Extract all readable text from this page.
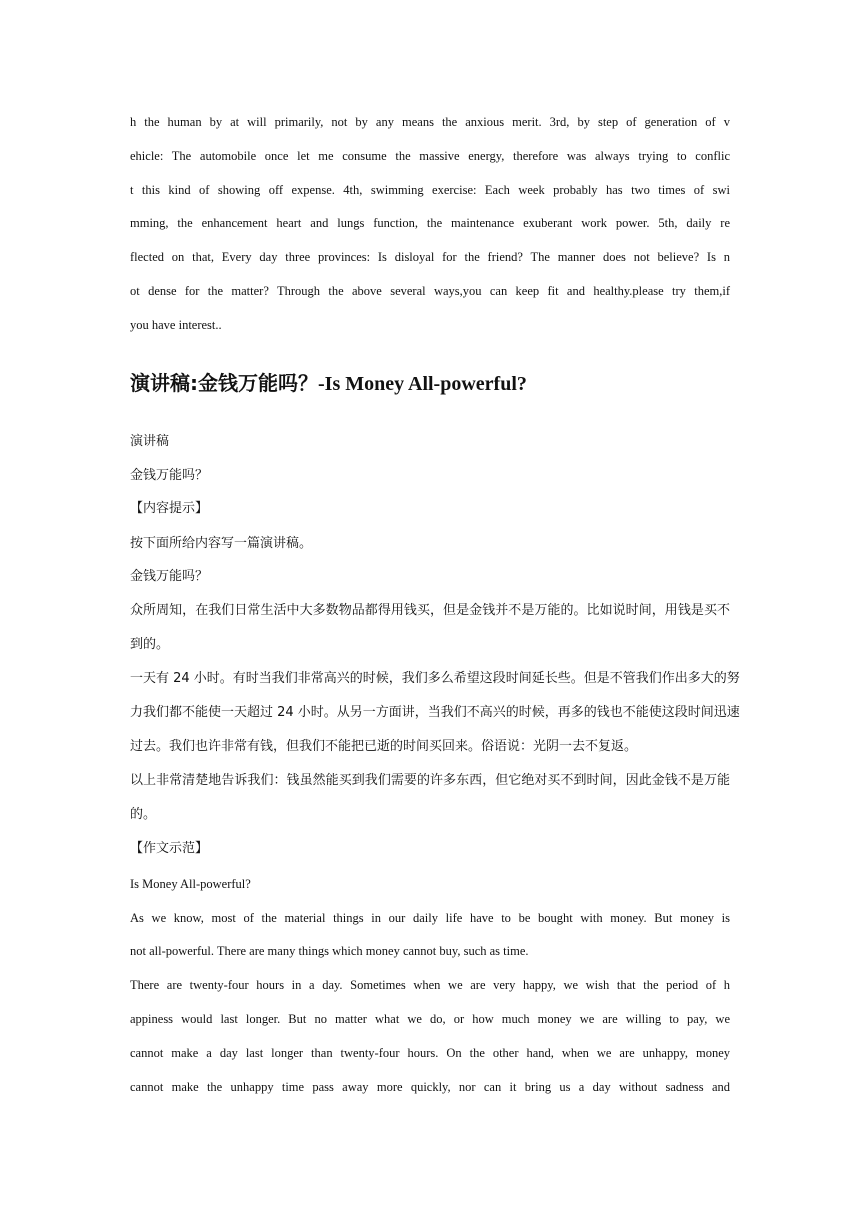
h the human by at will primarily, not by any means the anxious merit. 3rd, by step of generation of v
ehicle: The automobile once let me consume the massive energy, therefore was always trying to conflic
t this kind of showing off expense. 4th, swimming exercise: Each week probably has two times of swi
mming, the enhancement heart and lungs function, the maintenance exuberant work power. 5th, daily re
flected on that, Every day three provinces: Is disloyal for the friend? The manner does not believe? Is n
ot dense for the matter? Through the above several ways,you can keep fit and healthy.please try them,if
you have interest..
演讲稿:金钱万能吗？-Is Money All-powerful?
演讲稿
金钱万能吗？
【内容提示】
按下面所给内容写一篇演讲稿。
金钱万能吗？
众所周知，在我们日常生活中大多数物品都得用钱买，但是金钱并不是万能的。比如说时间，用钱是买不
到的。
一天有 24 小时。有时当我们非常高兴的时候，我们多么希望这段时间延长些。但是不管我们作出多大的努
力我们都不能使一天超过 24 小时。从另一方面讲，当我们不高兴的时候，再多的钱也不能使这段时间迅速
过去。我们也许非常有钱，但我们不能把已逝的时间买回来。俗语说：光阴一去不复返。
以上非常清楚地告诉我们：钱虽然能买到我们需要的许多东西，但它绝对买不到时间，因此金钱不是万能
的。
【作文示范】
Is Money All-powerful?
As we know, most of the material things in our daily life have to be bought with money. But money is
not all-powerful. There are many things which money cannot buy, such as time.
There are twenty-four hours in a day. Sometimes when we are very happy, we wish that the period of h
appiness would last longer. But no matter what we do, or how much money we are willing to pay, we
cannot make a day last longer than twenty-four hours. On the other hand, when we are unhappy, money
cannot make the unhappy time pass away more quickly, nor can it bring us a day without sadness and
